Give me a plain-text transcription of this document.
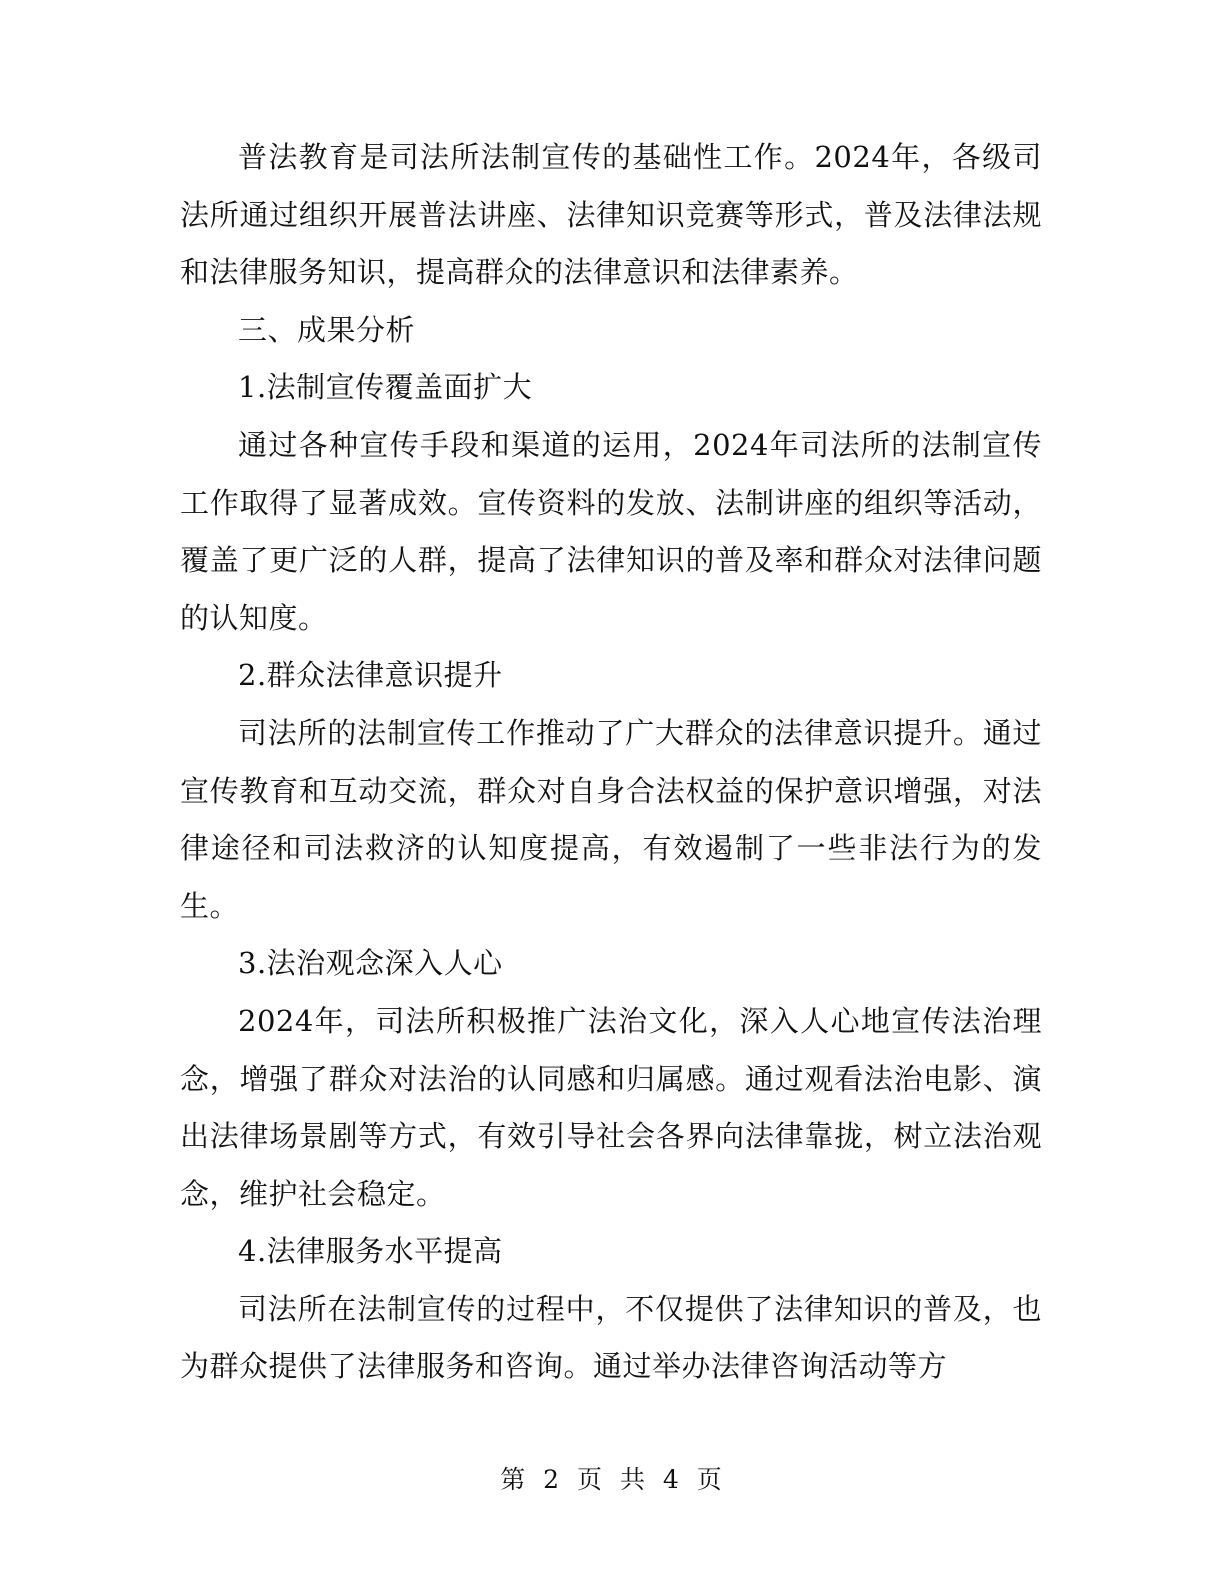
普法教育是司法所法制宣传的基础性工作。2024年，各级司法所通过组织开展普法讲座、法律知识竞赛等形式，普及法律法规和法律服务知识，提高群众的法律意识和法律素养。

三、成果分析

1.法制宣传覆盖面扩大

通过各种宣传手段和渠道的运用，2024年司法所的法制宣传工作取得了显著成效。宣传资料的发放、法制讲座的组织等活动，覆盖了更广泛的人群，提高了法律知识的普及率和群众对法律问题的认知度。

2.群众法律意识提升

司法所的法制宣传工作推动了广大群众的法律意识提升。通过宣传教育和互动交流，群众对自身合法权益的保护意识增强，对法律途径和司法救济的认知度提高，有效遏制了一些非法行为的发生。

3.法治观念深入人心

2024年，司法所积极推广法治文化，深入人心地宣传法治理念，增强了群众对法治的认同感和归属感。通过观看法治电影、演出法律场景剧等方式，有效引导社会各界向法律靠拢，树立法治观念，维护社会稳定。

4.法律服务水平提高

司法所在法制宣传的过程中，不仅提供了法律知识的普及，也为群众提供了法律服务和咨询。通过举办法律咨询活动等方

第 2 页 共 4 页
